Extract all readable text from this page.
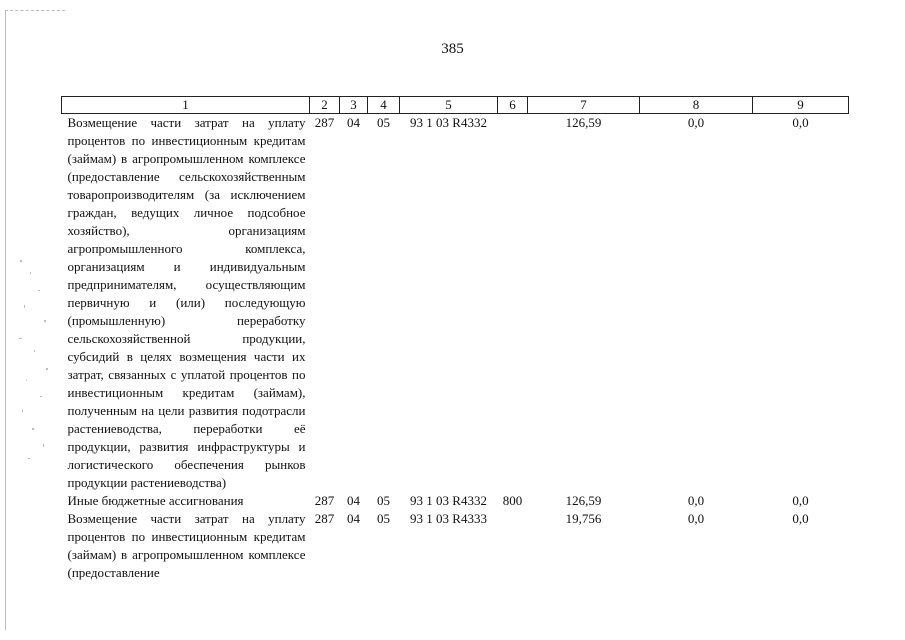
385
1	2	3	4	5	6	7	8	9
Возмещение части затрат на уплату процентов по инвестиционным кредитам (займам) в агропромышленном комплексе (предоставление сельскохозяйственным товаропроизводителям (за исключением граждан, ведущих личное подсобное хозяйство), организациям агропромышленного комплекса, организациям и индивидуальным предпринимателям, осуществляющим первичную и (или) последующую (промышленную) переработку сельскохозяйственной продукции, субсидий в целях возмещения части их затрат, связанных с уплатой процентов по инвестиционным кредитам (займам), полученным на цели развития подотрасли растениеводства, переработки её продукции, развития инфраструктуры и логистического обеспечения рынков продукции растениеводства)	287	04	05	93 1 03 R4332		126,59	0,0	0,0
Иные бюджетные ассигнования	287	04	05	93 1 03 R4332	800	126,59	0,0	0,0
Возмещение части затрат на уплату процентов по инвестиционным кредитам (займам) в агропромышленном комплексе (предоставление	287	04	05	93 1 03 R4333		19,756	0,0	0,0
